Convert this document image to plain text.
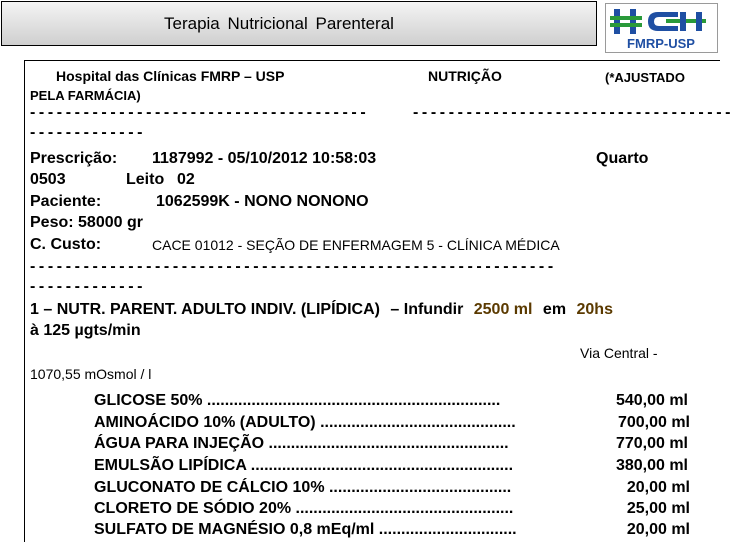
Terapia Nutricional Parenteral
FMRP-USP
Hospital das Clínicas FMRP – USP	NUTRIÇÃO	(*AJUSTADO
PELA FARMÁCIA)
--------------------------------------	------------------------
-------------
-------------
Prescrição: 1187992 - 05/10/2012 10:58:03	Quarto
0503	Leito 02
Paciente:	1062599K - NONO NONONO
Peso: 58000 gr
C. Custo:	CACE 01012 - SEÇÃO DE ENFERMAGEM 5 - CLÍNICA MÉDICA
-----------------------------------------------------------
-------------
1 – NUTR. PARENT. ADULTO INDIV. (LIPÍDICA) – Infundir 2500 ml em 20hs
à 125 µgts/min
Via Central -
1070,55 mOsmol / l
GLICOSE 50% ..................................................................	540,00 ml
AMINOÁCIDO 10% (ADULTO) ............................................	700,00 ml
ÁGUA PARA INJEÇÃO ......................................................	770,00 ml
EMULSÃO LIPÍDICA ...........................................................	380,00 ml
GLUCONATO DE CÁLCIO 10% .........................................	20,00 ml
CLORETO DE SÓDIO 20% .................................................	25,00 ml
SULFATO DE MAGNÉSIO 0,8 mEq/ml ...............................	20,00 ml
